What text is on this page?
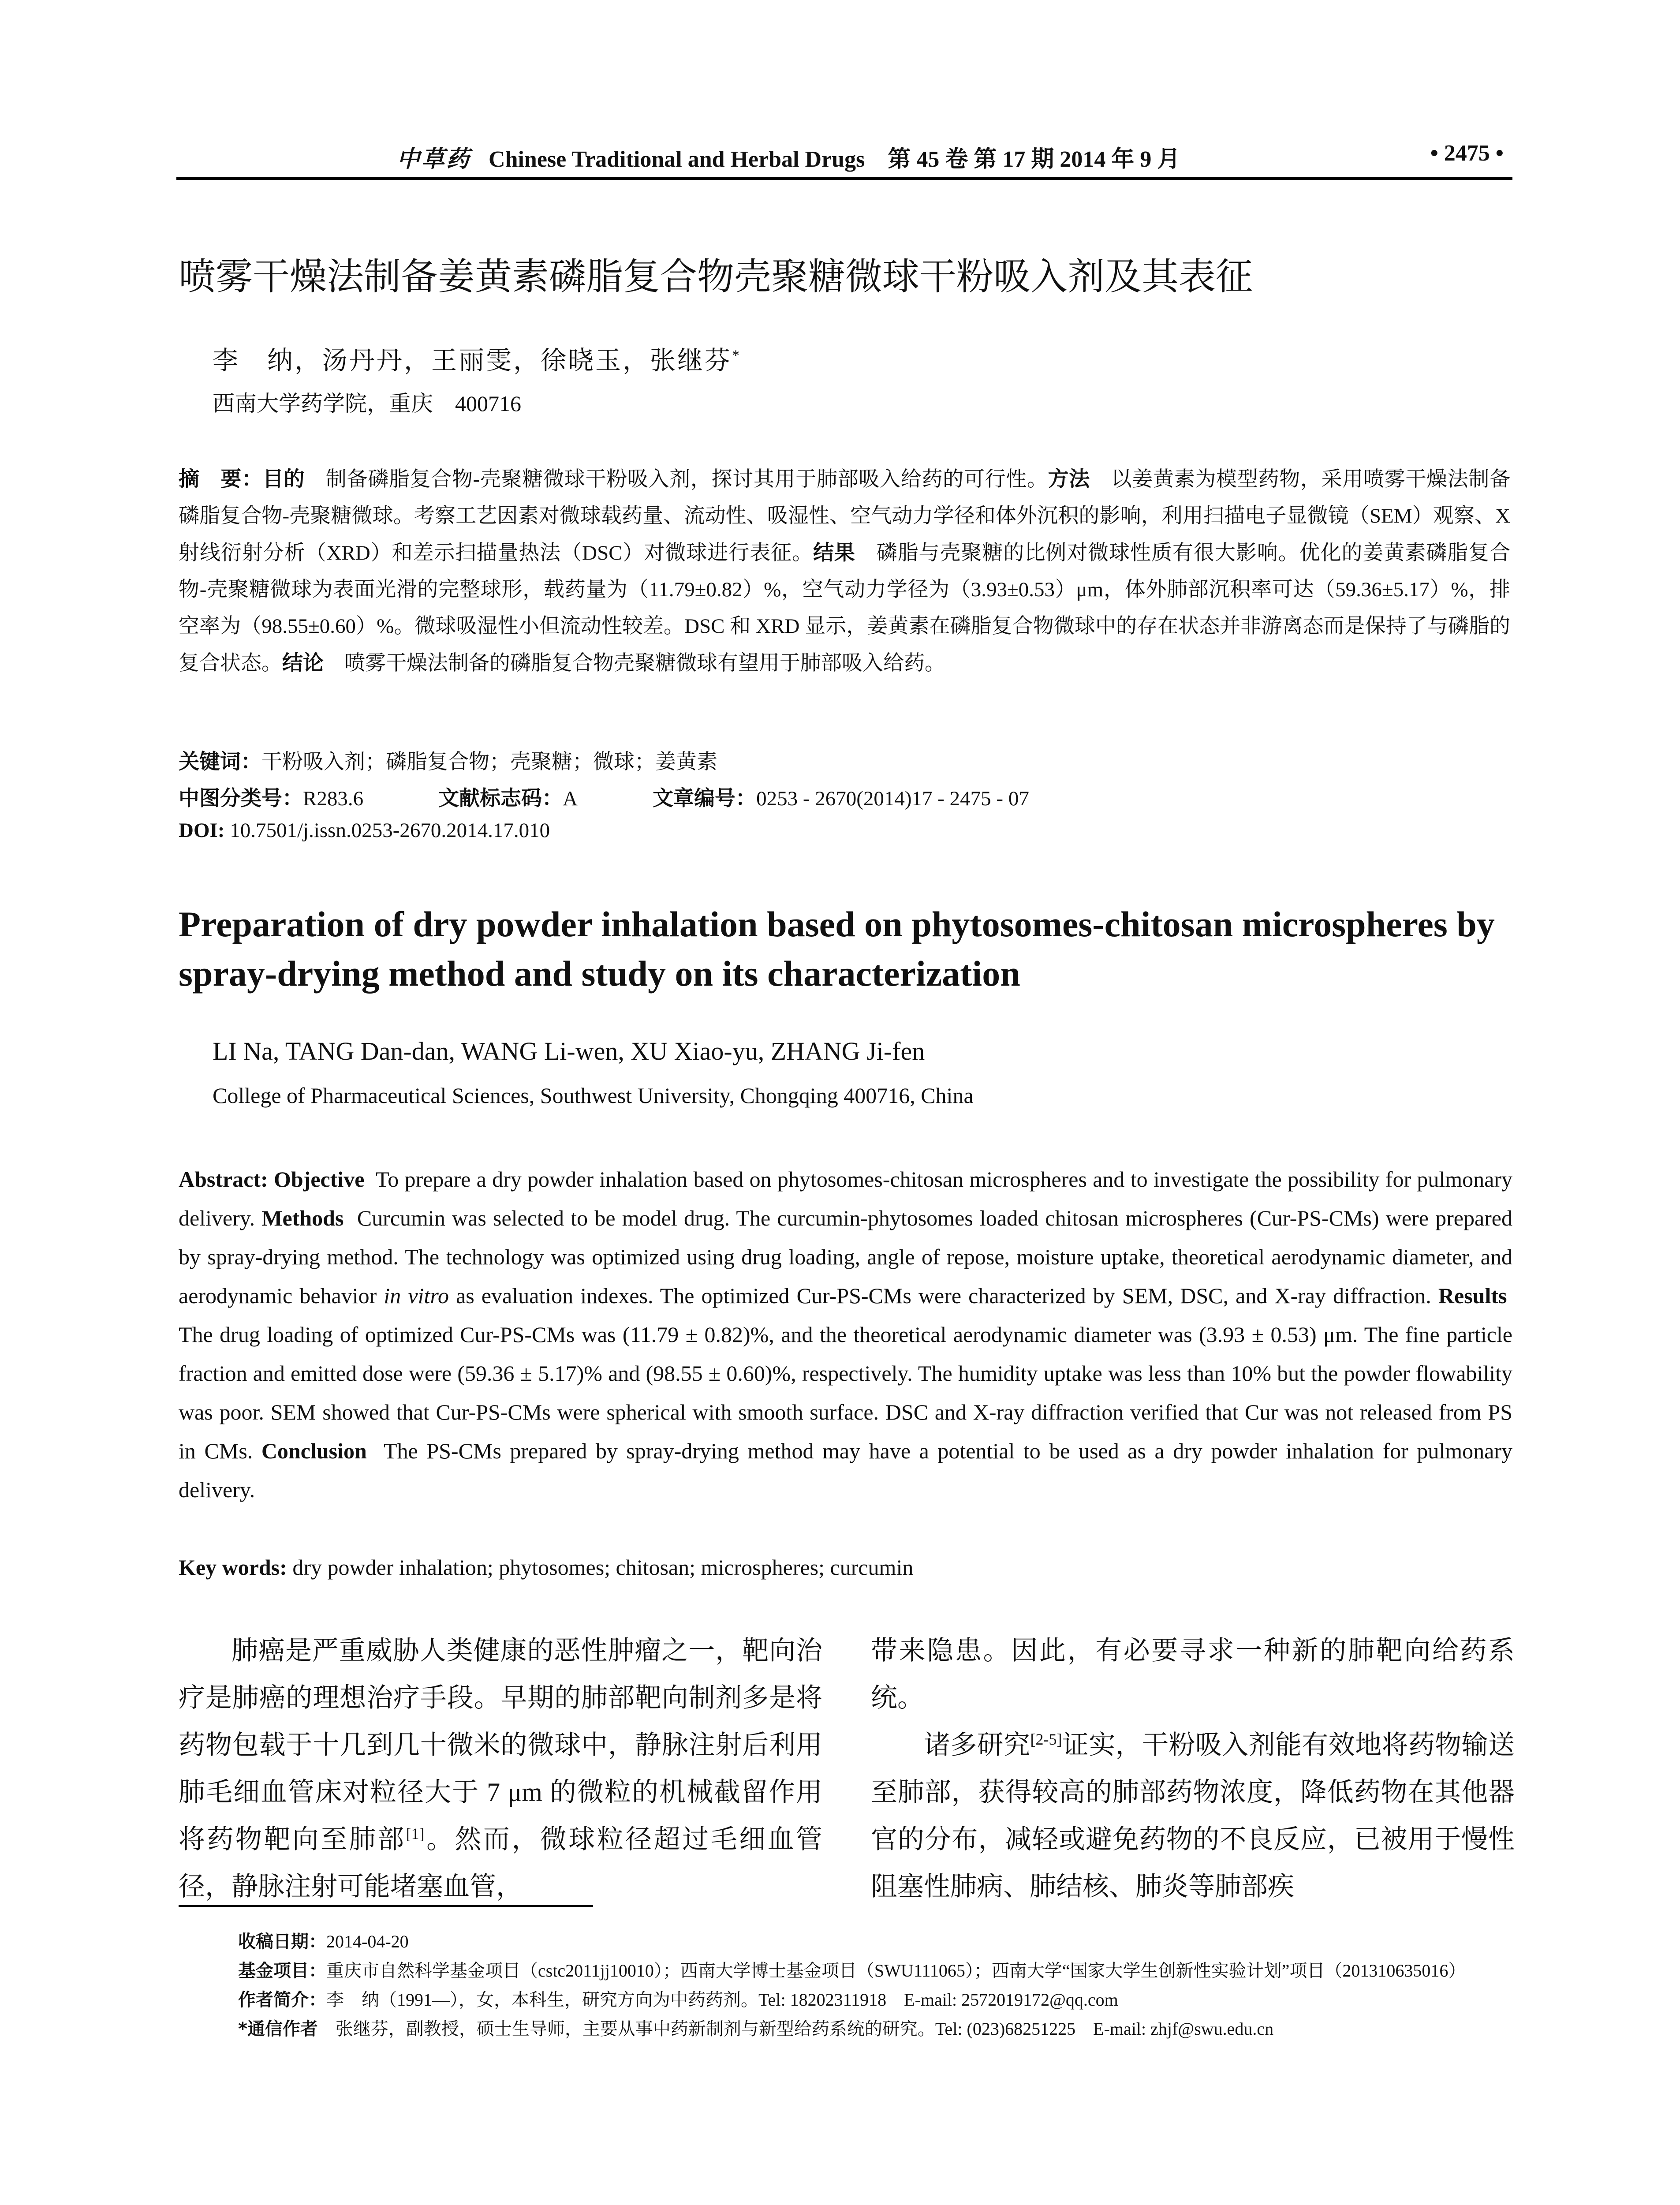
中草药 Chinese Traditional and Herbal Drugs　第 45 卷 第 17 期 2014 年 9 月	• 2475 •
喷雾干燥法制备姜黄素磷脂复合物壳聚糖微球干粉吸入剂及其表征
李　纳，汤丹丹，王丽雯，徐晓玉，张继芬*
西南大学药学院，重庆　400716
摘　要：目的　 制备磷脂复合物-壳聚糖微球干粉吸入剂，探讨其用于肺部吸入给药的可行性。方法　 以姜黄素为模型药物，采用喷雾干燥法制备磷脂复合物-壳聚糖微球。考察工艺因素对微球载药量、流动性、吸湿性、空气动力学径和体外沉积的影响，利用扫描电子显微镜（SEM）观察、X 射线衍射分析（XRD）和差示扫描量热法（DSC）对微球进行表征。结果　 磷脂与壳聚糖的比例对微球性质有很大影响。优化的姜黄素磷脂复合物-壳聚糖微球为表面光滑的完整球形，载药量为（11.79±0.82）%，空气动力学径为（3.93±0.53）μm，体外肺部沉积率可达（59.36±5.17）%，排空率为（98.55±0.60）%。微球吸湿性小但流动性较差。DSC 和 XRD 显示，姜黄素在磷脂复合物微球中的存在状态并非游离态而是保持了与磷脂的复合状态。结论　 喷雾干燥法制备的磷脂复合物壳聚糖微球有望用于肺部吸入给药。
关键词：干粉吸入剂；磷脂复合物；壳聚糖；微球；姜黄素
中图分类号：R283.6	文献标志码：A	文章编号：0253 - 2670(2014)17 - 2475 - 07
DOI: 10.7501/j.issn.0253-2670.2014.17.010
Preparation of dry powder inhalation based on phytosomes-chitosan microspheres by spray-drying method and study on its characterization
LI Na, TANG Dan-dan, WANG Li-wen, XU Xiao-yu, ZHANG Ji-fen
College of Pharmaceutical Sciences, Southwest University, Chongqing 400716, China
Abstract: Objective To prepare a dry powder inhalation based on phytosomes-chitosan microspheres and to investigate the possibility for pulmonary delivery. Methods Curcumin was selected to be model drug. The curcumin-phytosomes loaded chitosan microspheres (Cur-PS-CMs) were prepared by spray-drying method. The technology was optimized using drug loading, angle of repose, moisture uptake, theoretical aerodynamic diameter, and aerodynamic behavior in vitro as evaluation indexes. The optimized Cur-PS-CMs were characterized by SEM, DSC, and X-ray diffraction. Results  The drug loading of optimized Cur-PS-CMs was (11.79 ± 0.82)%, and the theoretical aerodynamic diameter was (3.93 ± 0.53) μm. The fine particle fraction and emitted dose were (59.36 ± 5.17)% and (98.55 ± 0.60)%, respectively. The humidity uptake was less than 10% but the powder flowability was poor. SEM showed that Cur-PS-CMs were spherical with smooth surface. DSC and X-ray diffraction verified that Cur was not released from PS in CMs. Conclusion The PS-CMs prepared by spray-drying method may have a potential to be used as a dry powder inhalation for pulmonary delivery.
Key words: dry powder inhalation; phytosomes; chitosan; microspheres; curcumin

肺癌是严重威胁人类健康的恶性肿瘤之一，靶向治疗是肺癌的理想治疗手段。早期的肺部靶向制剂多是将药物包载于十几到几十微米的微球中，静脉注射后利用肺毛细血管床对粒径大于 7 μm 的微粒的机械截留作用将药物靶向至肺部[1]。然而，微球粒径超过毛细血管径，静脉注射可能堵塞血管，

带来隐患。因此，有必要寻求一种新的肺靶向给药系统。

诸多研究[2-5]证实，干粉吸入剂能有效地将药物输送至肺部，获得较高的肺部药物浓度，降低药物在其他器官的分布，减轻或避免药物的不良反应，已被用于慢性阻塞性肺病、肺结核、肺炎等肺部疾

收稿日期：2014-04-20
基金项目：重庆市自然科学基金项目（cstc2011jj10010）；西南大学博士基金项目（SWU111065）；西南大学“国家大学生创新性实验计划”项目（201310635016）
作者简介：李　纳（1991—），女，本科生，研究方向为中药药剂。Tel: 18202311918　E-mail: 2572019172@qq.com
*通信作者　 张继芬，副教授，硕士生导师，主要从事中药新制剂与新型给药系统的研究。Tel: (023)68251225　E-mail: zhjf@swu.edu.cn
